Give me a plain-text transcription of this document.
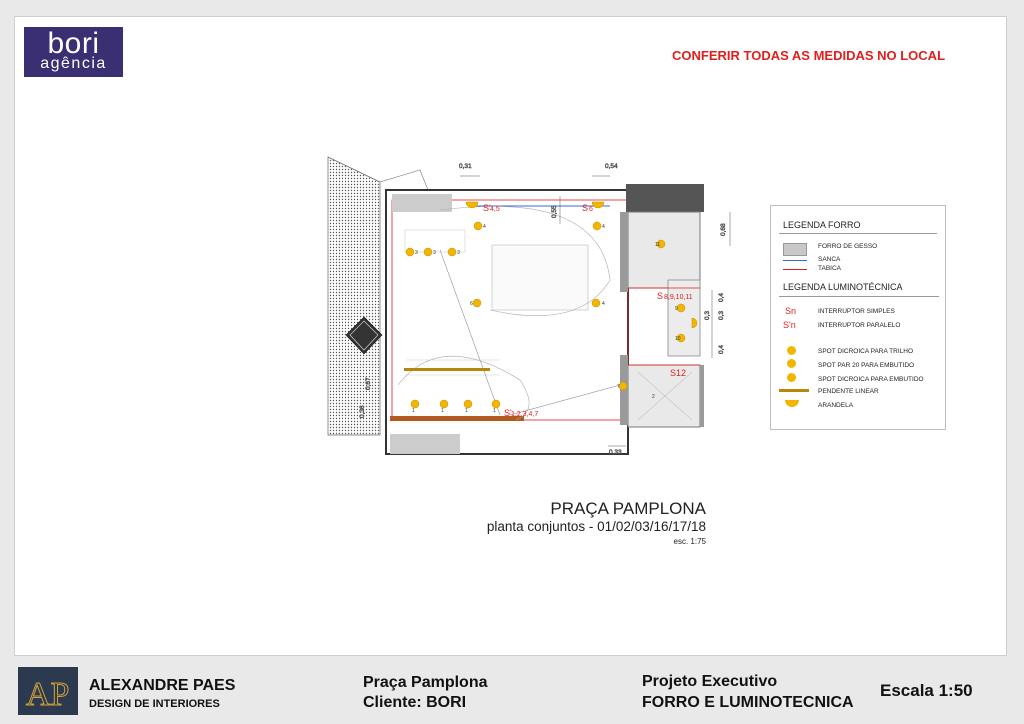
bori
agência	CONFERIR TODAS AS MEDIDAS NO LOCAL
S' 4,5	S 6
S 8,9,10,11
S12
S' 1,2,3,4,7
0,31	0,54
0,55
0,68
0,4
0,3
0,3
0,4
0,33
0,67
0,36
3	3	3
4	4
4
6
11
9
10
7
2
1	1	1	1
LEGENDA FORRO
FORRO DE GESSO
SANCA
TABICA
LEGENDA LUMINOTÉCNICA
Sn	INTERRUPTOR SIMPLES
S'n	INTERRUPTOR PARALELO
SPOT DICROICA PARA TRILHO
SPOT PAR 20 PARA EMBUTIDO
SPOT DICROICA PARA EMBUTIDO
PENDENTE LINEAR
ARANDELA
PRAÇA PAMPLONA
planta conjuntos - 01/02/03/16/17/18
esc. 1:75
AP ALEXANDRE PAES
DESIGN DE INTERIORES
Praça Pamplona
Cliente: BORI
Projeto Executivo
FORRO E LUMINOTECNICA
Escala 1:50
